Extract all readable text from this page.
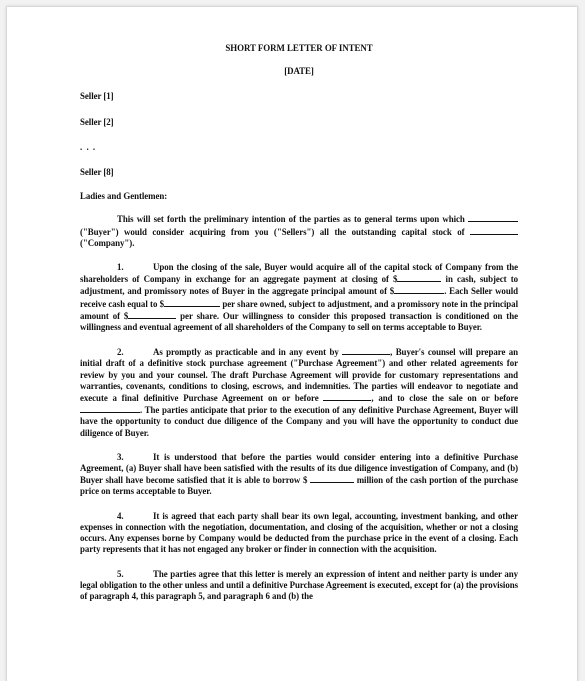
SHORT FORM LETTER OF INTENT
[DATE]
Seller [1]
Seller [2]
. . .
Seller [8]
Ladies and Gentlemen:
This will set forth the preliminary intention of the parties as to general terms upon which  ("Buyer") would consider acquiring from you ("Sellers") all the outstanding capital stock of  ("Company").
1.	Upon the closing of the sale, Buyer would acquire all of the capital stock of Company from the shareholders of Company in exchange for an aggregate payment at closing of $	in cash, subject to adjustment, and promissory notes of Buyer in the aggregate principal amount of $	. Each Seller would receive cash equal to $	per share owned, subject to adjustment, and a promissory note in the principal amount of $	per share. Our willingness to consider this proposed transaction is conditioned on the willingness and eventual agreement of all shareholders of the Company to sell on terms acceptable to Buyer.
2.	As promptly as practicable and in any event by	, Buyer's counsel will prepare an initial draft of a definitive stock purchase agreement ("Purchase Agreement") and other related agreements for review by you and your counsel. The draft Purchase Agreement will provide for customary representations and warranties, covenants, conditions to closing, escrows, and indemnities. The parties will endeavor to negotiate and execute a final definitive Purchase Agreement on or before	, and to close the sale on or before . The parties anticipate that prior to the execution of any definitive Purchase Agreement, Buyer will have the opportunity to conduct due diligence of the Company and you will have the opportunity to conduct due diligence of Buyer.
3.	It is understood that before the parties would consider entering into a definitive Purchase Agreement, (a) Buyer shall have been satisfied with the results of its due diligence investigation of Company, and (b) Buyer shall have become satisfied that it is able to borrow $	million of the cash portion of the purchase price on terms acceptable to Buyer.
4.	It is agreed that each party shall bear its own legal, accounting, investment banking, and other expenses in connection with the negotiation, documentation, and closing of the acquisition, whether or not a closing occurs. Any expenses borne by Company would be deducted from the purchase price in the event of a closing. Each party represents that it has not engaged any broker or finder in connection with the acquisition.
5.	The parties agree that this letter is merely an expression of intent and neither party is under any legal obligation to the other unless and until a definitive Purchase Agreement is executed, except for (a) the provisions of paragraph 4, this paragraph 5, and paragraph 6 and (b) the
